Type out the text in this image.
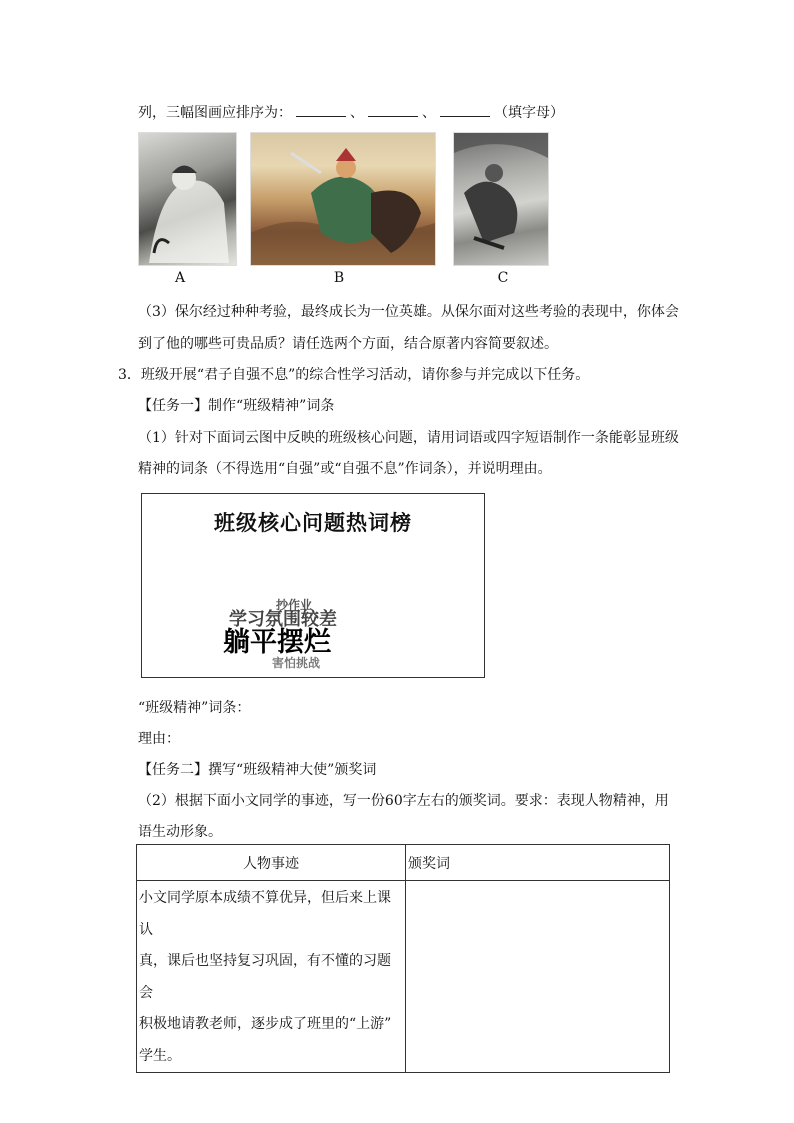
列，三幅图画应排序为：	、	、	（填字母）
A	B	C
（3）保尔经过种种考验，最终成长为一位英雄。从保尔面对这些考验的表现中，你体会
到了他的哪些可贵品质？请任选两个方面，结合原著内容简要叙述。
3．班级开展“君子自强不息”的综合性学习活动，请你参与并完成以下任务。
【任务一】制作“班级精神”词条
（1）针对下面词云图中反映的班级核心问题，请用词语或四字短语制作一条能彰显班级
精神的词条（不得选用“自强”或“自强不息”作词条），并说明理由。
班级核心问题热词榜
抄作业
学习氛围较差
躺平摆烂
害怕挑战
“班级精神”词条：
理由：
【任务二】撰写“班级精神大使”颁奖词
（2）根据下面小文同学的事迹，写一份60字左右的颁奖词。要求：表现人物精神，用
语生动形象。
人物事迹	颁奖词

小文同学原本成绩不算优异，但后来上课认
真，课后也坚持复习巩固，有不懂的习题会
积极地请教老师，逐步成了班里的“上游”
学生。	
